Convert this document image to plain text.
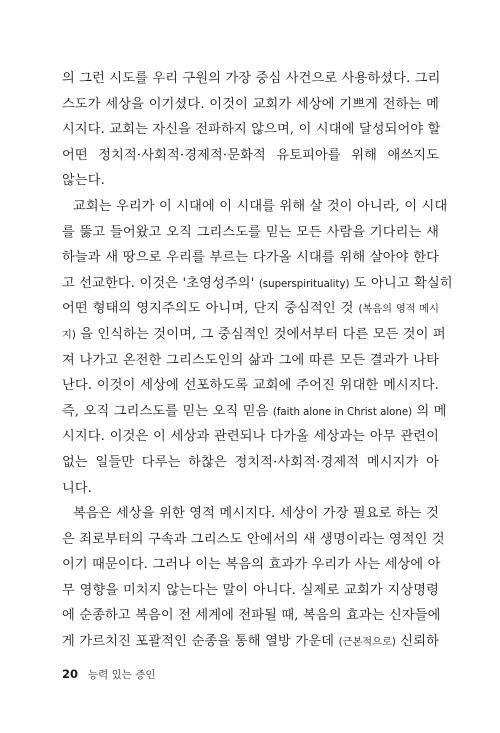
의 그런 시도를 우리 구원의 가장 중심 사건으로 사용하셨다. 그리
스도가 세상을 이기셨다. 이것이 교회가 세상에 기쁘게 전하는 메
시지다. 교회는 자신을 전파하지 않으며, 이 시대에 달성되어야 할
어떤 정치적·사회적·경제적·문화적 유토피아를 위해 애쓰지도
않는다.
교회는 우리가 이 시대에 이 시대를 위해 살 것이 아니라, 이 시대
를 뚫고 들어왔고 오직 그리스도를 믿는 모든 사람을 기다리는 새
하늘과 새 땅으로 우리를 부르는 다가올 시대를 위해 살아야 한다
고 선교한다. 이것은 '초영성주의' (superspirituality) 도 아니고 확실히
어떤 형태의 영지주의도 아니며, 단지 중심적인 것 (복음의 영적 메시
지) 을 인식하는 것이며, 그 중심적인 것에서부터 다른 모든 것이 퍼
져 나가고 온전한 그리스도인의 삶과 그에 따른 모든 결과가 나타
난다. 이것이 세상에 선포하도록 교회에 주어진 위대한 메시지다.
즉, 오직 그리스도를 믿는 오직 믿음 (faith alone in Christ alone) 의 메
시지다. 이것은 이 세상과 관련되나 다가올 세상과는 아무 관련이
없는 일들만 다루는 하찮은 정치적·사회적·경제적 메시지가 아
니다.
복음은 세상을 위한 영적 메시지다. 세상이 가장 필요로 하는 것
은 죄로부터의 구속과 그리스도 안에서의 새 생명이라는 영적인 것
이기 때문이다. 그러나 이는 복음의 효과가 우리가 사는 세상에 아
무 영향을 미치지 않는다는 말이 아니다. 실제로 교회가 지상명령
에 순종하고 복음이 전 세계에 전파될 때, 복음의 효과는 신자들에
게 가르치진 포괄적인 순종을 통해 열방 가운데 (근본적으로) 신뢰하
20 능력 있는 증인
